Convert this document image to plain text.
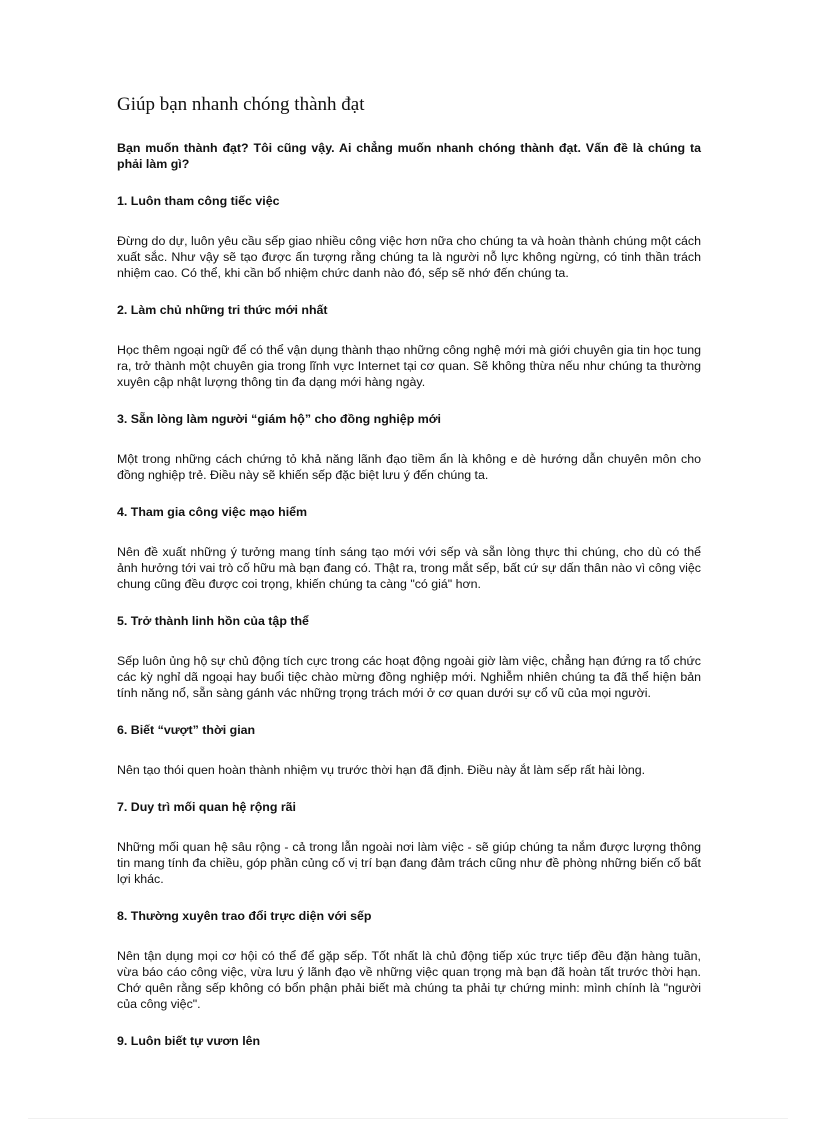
Giúp bạn nhanh chóng thành đạt

Bạn muốn thành đạt? Tôi cũng vậy. Ai chẳng muốn nhanh chóng thành đạt. Vấn đề là chúng ta phải làm gì?

1. Luôn tham công tiếc việc

Đừng do dự, luôn yêu cầu sếp giao nhiều công việc hơn nữa cho chúng ta và hoàn thành chúng một cách xuất sắc. Như vậy sẽ tạo được ấn tượng rằng chúng ta là người nỗ lực không ngừng, có tinh thần trách nhiệm cao. Có thể, khi cần bổ nhiệm chức danh nào đó, sếp sẽ nhớ đến chúng ta.

2. Làm chủ những tri thức mới nhất

Học thêm ngoại ngữ để có thể vận dụng thành thạo những công nghệ mới mà giới chuyên gia tin học tung ra, trở thành một chuyên gia trong lĩnh vực Internet tại cơ quan. Sẽ không thừa nếu như chúng ta thường xuyên cập nhật lượng thông tin đa dạng mới hàng ngày.

3. Sẵn lòng làm người “giám hộ” cho đồng nghiệp mới

Một trong những cách chứng tỏ khả năng lãnh đạo tiềm ẩn là không e dè hướng dẫn chuyên môn cho đồng nghiệp trẻ. Điều này sẽ khiến sếp đặc biệt lưu ý đến chúng ta.

4. Tham gia công việc mạo hiểm

Nên đề xuất những ý tưởng mang tính sáng tạo mới với sếp và sẵn lòng thực thi chúng, cho dù có thể ảnh hưởng tới vai trò cố hữu mà bạn đang có. Thật ra, trong mắt sếp, bất cứ sự dấn thân nào vì công việc chung cũng đều được coi trọng, khiến chúng ta càng "có giá" hơn.

5. Trở thành linh hồn của tập thể

Sếp luôn ủng hộ sự chủ động tích cực trong các hoạt động ngoài giờ làm việc, chẳng hạn đứng ra tổ chức các kỳ nghỉ dã ngoại hay buổi tiệc chào mừng đồng nghiệp mới. Nghiễm nhiên chúng ta đã thể hiện bản tính năng nổ, sẵn sàng gánh vác những trọng trách mới ở cơ quan dưới sự cổ vũ của mọi người.

6. Biết “vượt” thời gian

Nên tạo thói quen hoàn thành nhiệm vụ trước thời hạn đã định. Điều này ắt làm sếp rất hài lòng.

7. Duy trì mối quan hệ rộng rãi

Những mối quan hệ sâu rộng - cả trong lẫn ngoài nơi làm việc - sẽ giúp chúng ta nắm được lượng thông tin mang tính đa chiều, góp phần củng cố vị trí bạn đang đảm trách cũng như đề phòng những biến cố bất lợi khác.

8. Thường xuyên trao đổi trực diện với sếp

Nên tận dụng mọi cơ hội có thể để gặp sếp. Tốt nhất là chủ động tiếp xúc trực tiếp đều đặn hàng tuần, vừa báo cáo công việc, vừa lưu ý lãnh đạo về những việc quan trọng mà bạn đã hoàn tất trước thời hạn. Chớ quên rằng sếp không có bổn phận phải biết mà chúng ta phải tự chứng minh: mình chính là "người của công việc".

9. Luôn biết tự vươn lên
